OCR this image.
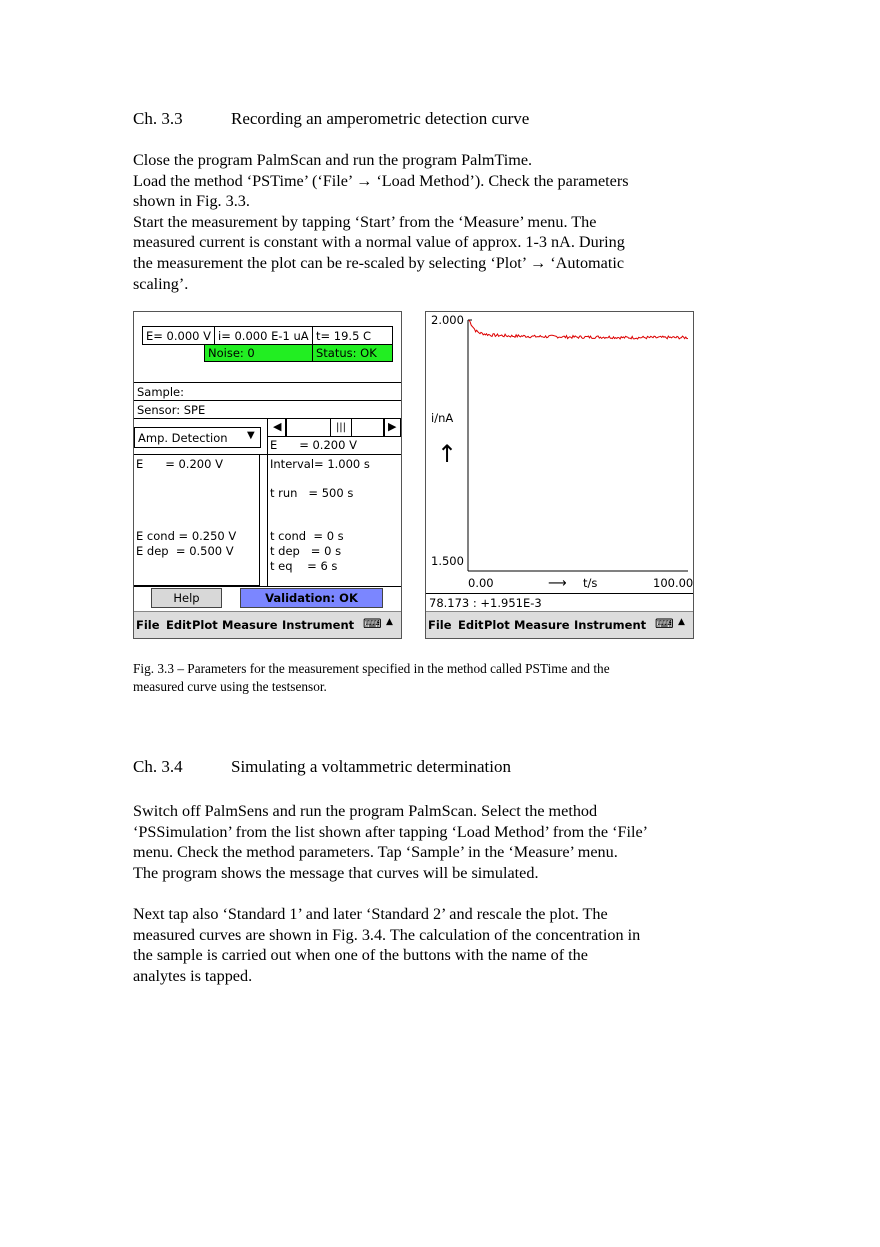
Ch. 3.3	Recording an amperometric detection curve
Close the program PalmScan and run the program PalmTime.
Load the method ‘PSTime’ (‘File’ → ‘Load Method’). Check the parameters
shown in Fig. 3.3.
Start the measurement by tapping ‘Start’ from the ‘Measure’ menu. The
measured current is constant with a normal value of approx. 1-3 nA. During
the measurement the plot can be re-scaled by selecting ‘Plot’ → ‘Automatic
scaling’.
E= 0.000 V i= 0.000 E-1 uA t= 19.5 C
Noise: 0	Status: OK
Sample:
Sensor: SPE
Amp. Detection ▼
◀	|||	▶
E      = 0.200 V
E      = 0.200 V
E cond = 0.250 V
E dep  = 0.500 V
Interval= 1.000 s
t run   = 500 s
t cond  = 0 s
t dep   = 0 s
t eq    = 6 s
Help	Validation: OK
File Edit Plot Measure Instrument ⌨ ▲
2.000
1.500
i/nA
↑
0.00	⟶ t/s	100.00
78.173 : +1.951E-3
File Edit Plot Measure Instrument ⌨ ▲
Fig. 3.3 – Parameters for the measurement specified in the method called PSTime and the
measured curve using the testsensor.
Ch. 3.4	Simulating a voltammetric determination
Switch off PalmSens and run the program PalmScan. Select the method
‘PSSimulation’ from the list shown after tapping ‘Load Method’ from the ‘File’
menu. Check the method parameters. Tap ‘Sample’ in the ‘Measure’ menu.
The program shows the message that curves will be simulated.
Next tap also ‘Standard 1’ and later ‘Standard 2’ and rescale the plot. The
measured curves are shown in Fig. 3.4. The calculation of the concentration in
the sample is carried out when one of the buttons with the name of the
analytes is tapped.
